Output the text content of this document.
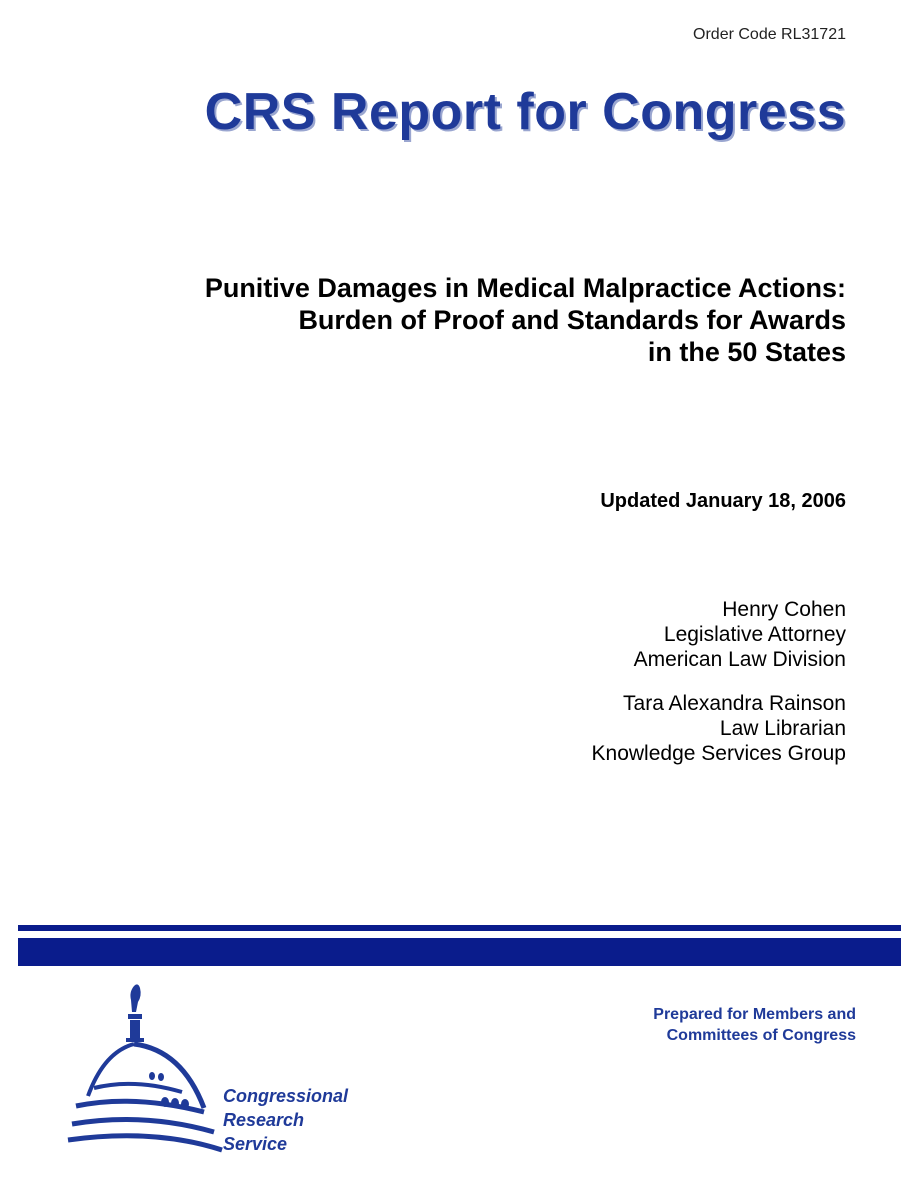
Order Code RL31721
CRS Report for Congress
Punitive Damages in Medical Malpractice Actions:
Burden of Proof and Standards for Awards
in the 50 States
Updated January 18, 2006
Henry Cohen
Legislative Attorney
American Law Division
Tara Alexandra Rainson
Law Librarian
Knowledge Services Group
Prepared for Members and
Committees of Congress
Congressional
Research
Service
